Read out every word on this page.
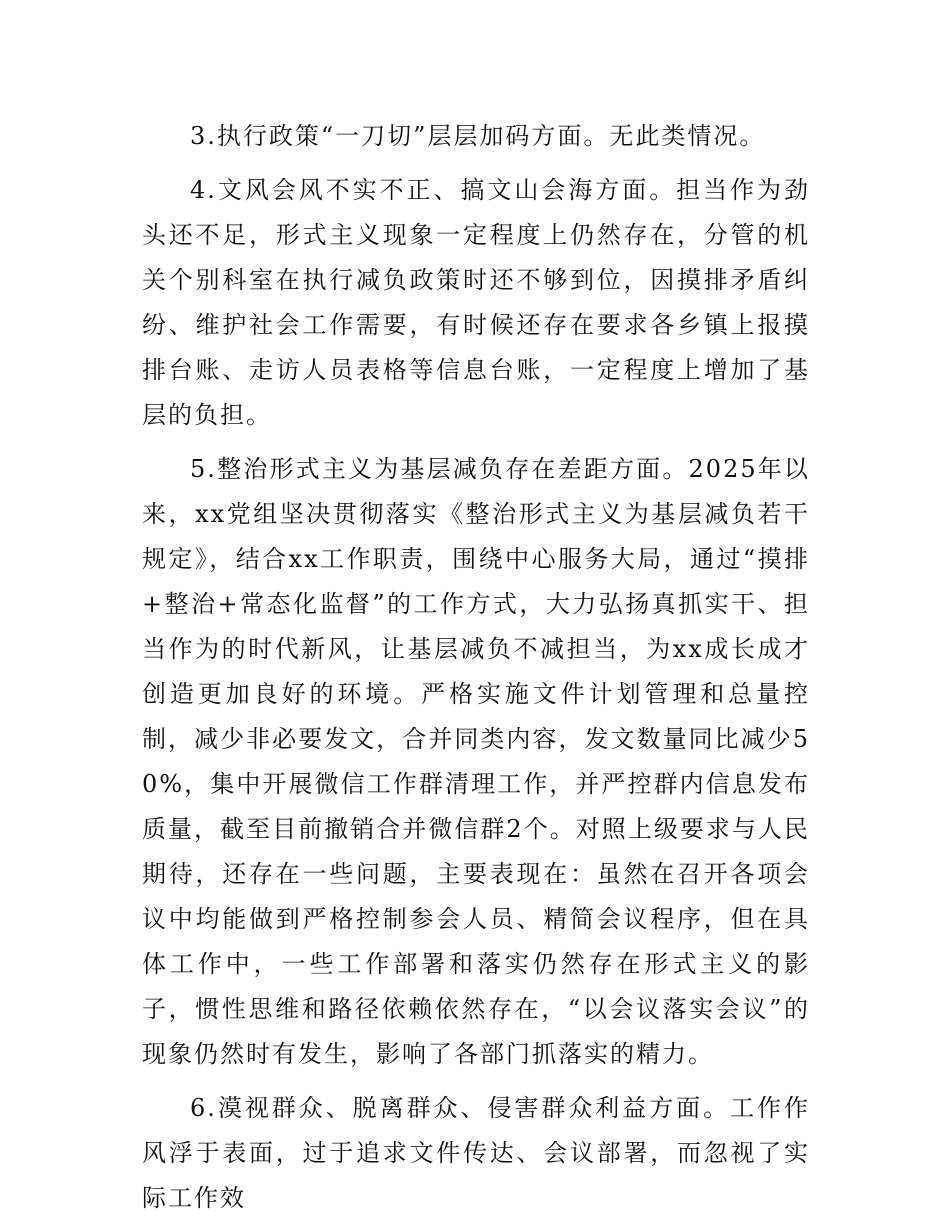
3.执行政策“一刀切”层层加码方面。无此类情况。

4.文风会风不实不正、搞文山会海方面。担当作为劲头还不足，形式主义现象一定程度上仍然存在，分管的机关个别科室在执行减负政策时还不够到位，因摸排矛盾纠纷、维护社会工作需要，有时候还存在要求各乡镇上报摸排台账、走访人员表格等信息台账，一定程度上增加了基层的负担。

5.整治形式主义为基层减负存在差距方面。2025年以来，xx党组坚决贯彻落实《整治形式主义为基层减负若干规定》，结合xx工作职责，围绕中心服务大局，通过“摸排+整治+常态化监督”的工作方式，大力弘扬真抓实干、担当作为的时代新风，让基层减负不减担当，为xx成长成才创造更加良好的环境。严格实施文件计划管理和总量控制，减少非必要发文，合并同类内容，发文数量同比减少50%，集中开展微信工作群清理工作，并严控群内信息发布质量，截至目前撤销合并微信群2个。对照上级要求与人民期待，还存在一些问题，主要表现在：虽然在召开各项会议中均能做到严格控制参会人员、精简会议程序，但在具体工作中，一些工作部署和落实仍然存在形式主义的影子，惯性思维和路径依赖依然存在，“以会议落实会议”的现象仍然时有发生，影响了各部门抓落实的精力。

6.漠视群众、脱离群众、侵害群众利益方面。工作作风浮于表面，过于追求文件传达、会议部署，而忽视了实际工作效
